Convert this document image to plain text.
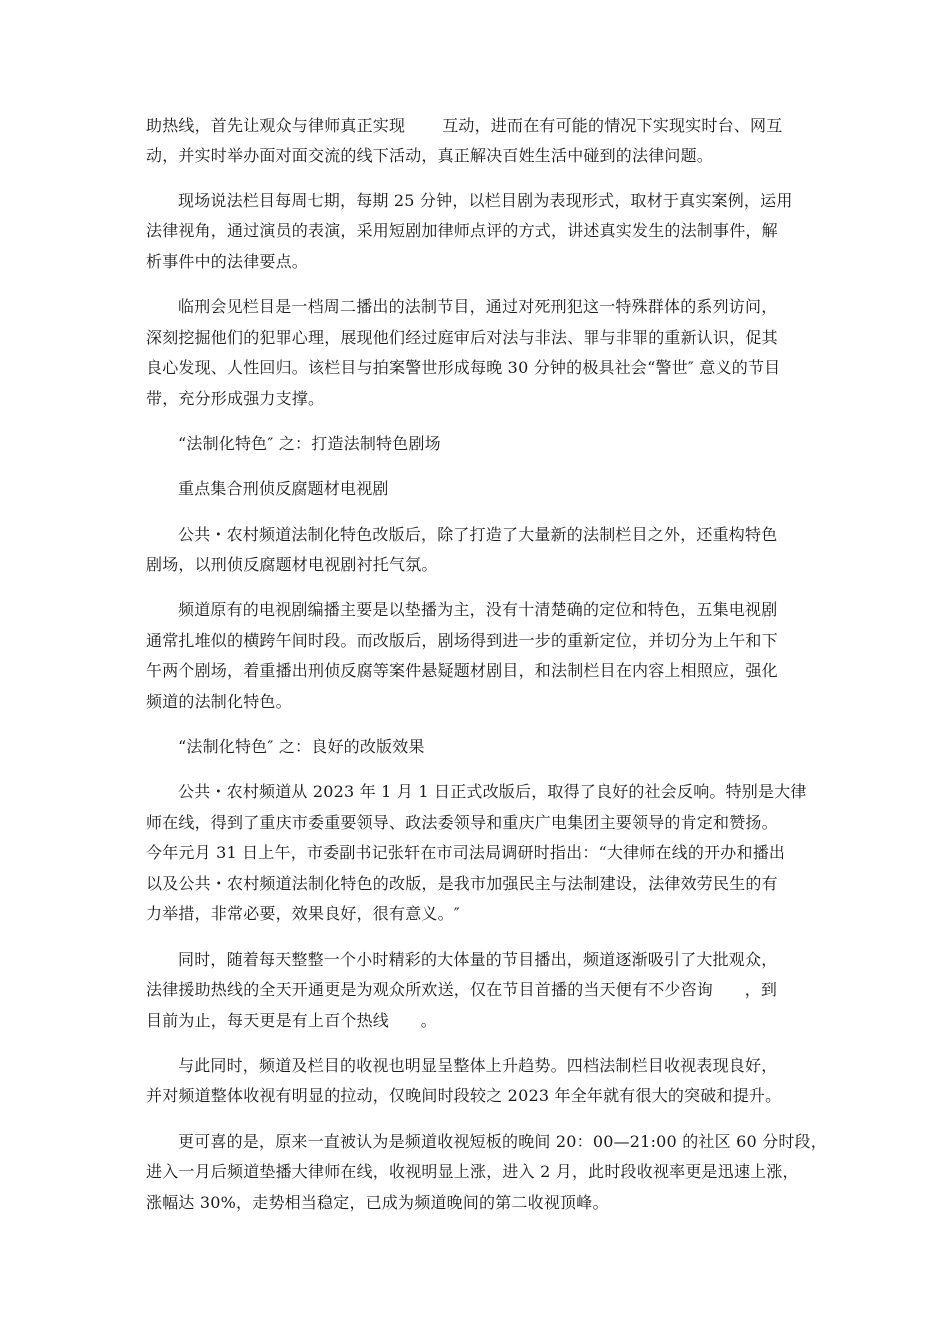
助热线，首先让观众与律师真正实现       互动，进而在有可能的情况下实现实时台、网互
动，并实时举办面对面交流的线下活动，真正解决百姓生活中碰到的法律问题。
现场说法栏目每周七期，每期 25 分钟，以栏目剧为表现形式，取材于真实案例，运用
法律视角，通过演员的表演，采用短剧加律师点评的方式，讲述真实发生的法制事件，解
析事件中的法律要点。
临刑会见栏目是一档周二播出的法制节目，通过对死刑犯这一特殊群体的系列访问，
深刻挖掘他们的犯罪心理，展现他们经过庭审后对法与非法、罪与非罪的重新认识，促其
良心发现、人性回归。该栏目与拍案警世形成每晚 30 分钟的极具社会“警世″ 意义的节目
带，充分形成强力支撑。
“法制化特色″ 之：打造法制特色剧场
重点集合刑侦反腐题材电视剧
公共・农村频道法制化特色改版后，除了打造了大量新的法制栏目之外，还重构特色
剧场，以刑侦反腐题材电视剧衬托气氛。
频道原有的电视剧编播主要是以垫播为主，没有十清楚确的定位和特色，五集电视剧
通常扎堆似的横跨午间时段。而改版后，剧场得到进一步的重新定位，并切分为上午和下
午两个剧场，着重播出刑侦反腐等案件悬疑题材剧目，和法制栏目在内容上相照应，强化
频道的法制化特色。
“法制化特色″ 之：良好的改版效果
公共・农村频道从 2023 年 1 月 1 日正式改版后，取得了良好的社会反响。特别是大律
师在线，得到了重庆市委重要领导、政法委领导和重庆广电集团主要领导的肯定和赞扬。
今年元月 31 日上午，市委副书记张轩在市司法局调研时指出：“大律师在线的开办和播出
以及公共・农村频道法制化特色的改版，是我市加强民主与法制建设，法律效劳民生的有
力举措，非常必要，效果良好，很有意义。″
同时，随着每天整整一个小时精彩的大体量的节目播出，频道逐渐吸引了大批观众，
法律援助热线的全天开通更是为观众所欢送，仅在节目首播的当天便有不少咨询      ，到
目前为止，每天更是有上百个热线      。
与此同时，频道及栏目的收视也明显呈整体上升趋势。四档法制栏目收视表现良好，
并对频道整体收视有明显的拉动，仅晚间时段较之 2023 年全年就有很大的突破和提升。
更可喜的是，原来一直被认为是频道收视短板的晚间 20：00—21:00 的社区 60 分时段，
进入一月后频道垫播大律师在线，收视明显上涨，进入 2 月，此时段收视率更是迅速上涨，
涨幅达 30%，走势相当稳定，已成为频道晚间的第二收视顶峰。
